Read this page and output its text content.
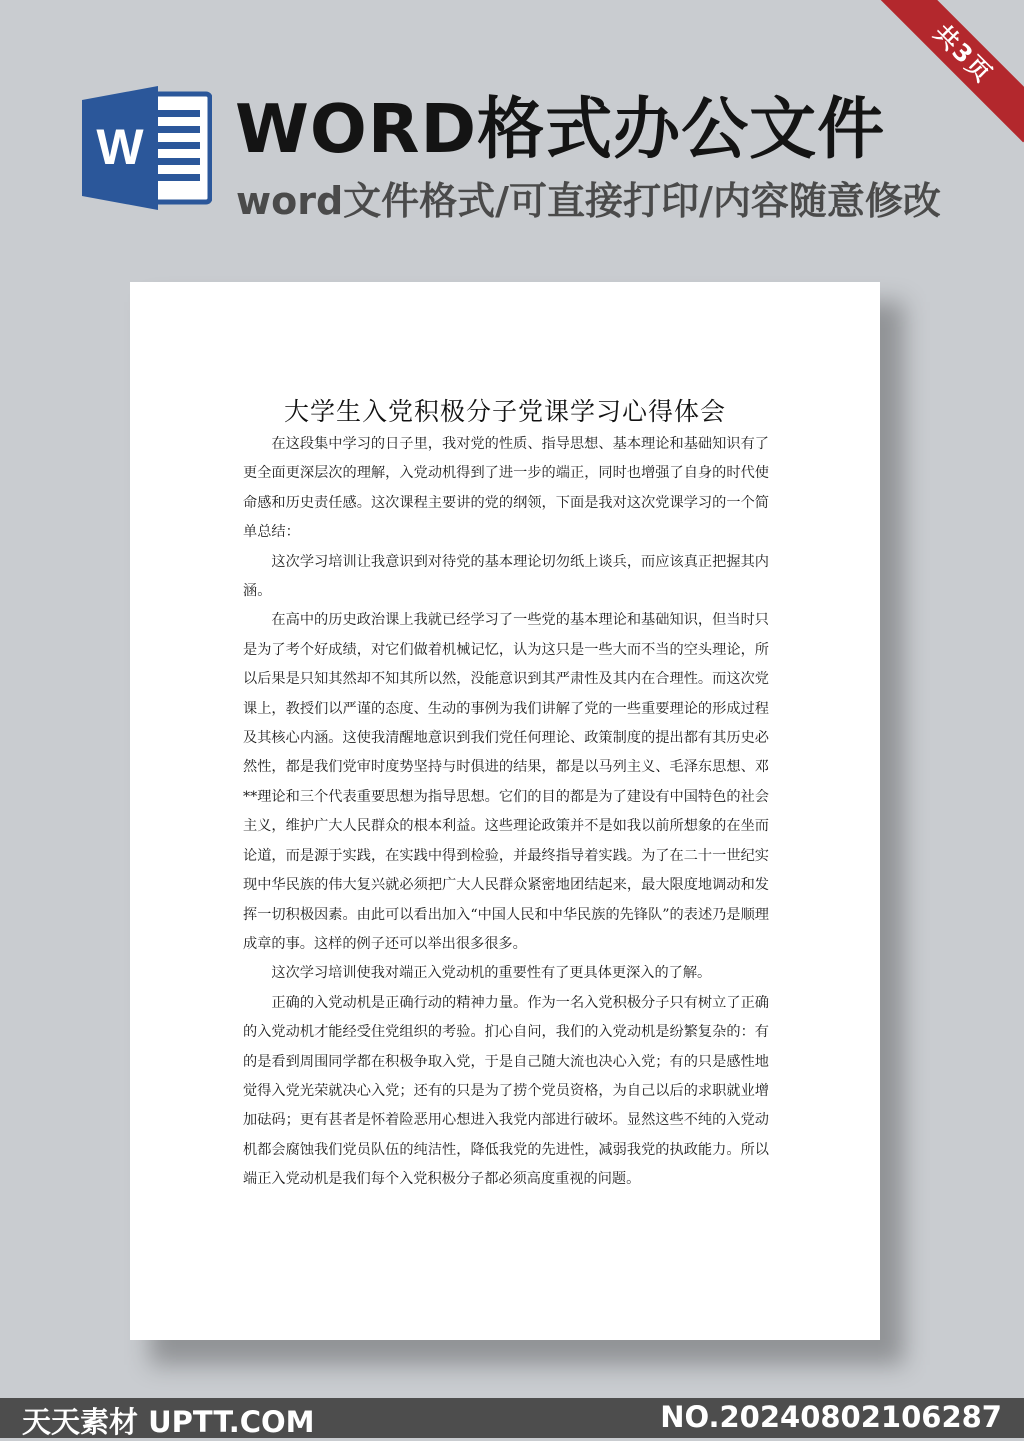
共3页
W WORD格式办公文件
word文件格式/可直接打印/内容随意修改
大学生入党积极分子党课学习心得体会

在这段集中学习的日子里，我对党的性质、指导思想、基本理论和基础知识有了更全面更深层次的理解，入党动机得到了进一步的端正，同时也增强了自身的时代使命感和历史责任感。这次课程主要讲的党的纲领，下面是我对这次党课学习的一个简单总结：

这次学习培训让我意识到对待党的基本理论切勿纸上谈兵，而应该真正把握其内涵。

在高中的历史政治课上我就已经学习了一些党的基本理论和基础知识，但当时只是为了考个好成绩，对它们做着机械记忆，认为这只是一些大而不当的空头理论，所以后果是只知其然却不知其所以然，没能意识到其严肃性及其内在合理性。而这次党课上，教授们以严谨的态度、生动的事例为我们讲解了党的一些重要理论的形成过程及其核心内涵。这使我清醒地意识到我们党任何理论、政策制度的提出都有其历史必然性，都是我们党审时度势坚持与时俱进的结果，都是以马列主义、毛泽东思想、邓**理论和三个代表重要思想为指导思想。它们的目的都是为了建设有中国特色的社会主义，维护广大人民群众的根本利益。这些理论政策并不是如我以前所想象的在坐而论道，而是源于实践，在实践中得到检验，并最终指导着实践。为了在二十一世纪实现中华民族的伟大复兴就必须把广大人民群众紧密地团结起来，最大限度地调动和发挥一切积极因素。由此可以看出加入“中国人民和中华民族的先锋队”的表述乃是顺理成章的事。这样的例子还可以举出很多很多。

这次学习培训使我对端正入党动机的重要性有了更具体更深入的了解。

正确的入党动机是正确行动的精神力量。作为一名入党积极分子只有树立了正确的入党动机才能经受住党组织的考验。扪心自问，我们的入党动机是纷繁复杂的：有的是看到周围同学都在积极争取入党，于是自己随大流也决心入党；有的只是感性地觉得入党光荣就决心入党；还有的只是为了捞个党员资格，为自己以后的求职就业增加砝码；更有甚者是怀着险恶用心想进入我党内部进行破坏。显然这些不纯的入党动机都会腐蚀我们党员队伍的纯洁性，降低我党的先进性，减弱我党的执政能力。所以端正入党动机是我们每个入党积极分子都必须高度重视的问题。

天天素材 UPTT.COM	NO.20240802106287
